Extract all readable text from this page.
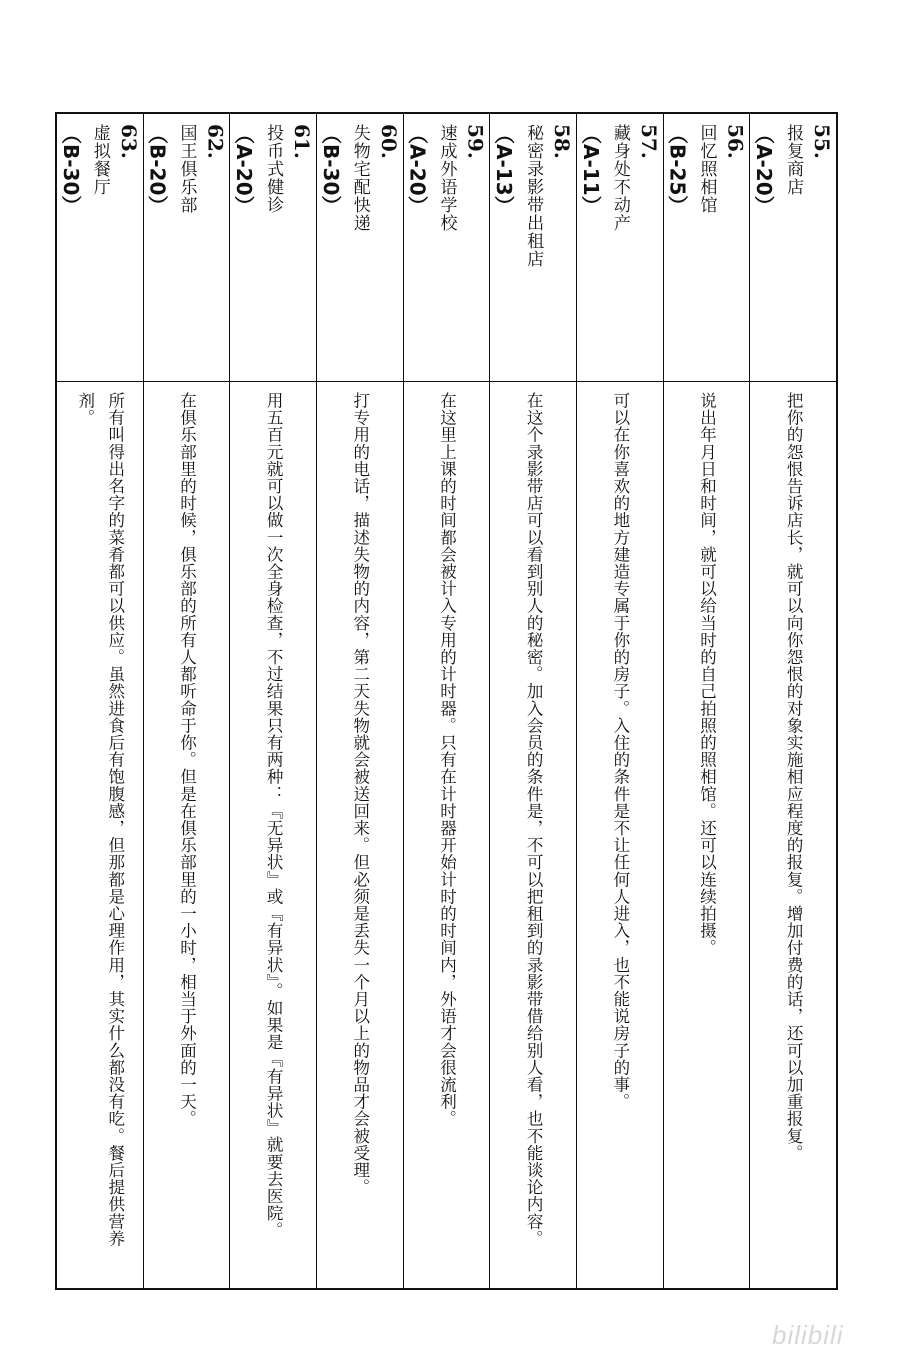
55.
报复商店
（A-20）
把你的怨恨告诉店长，就可以向你怨恨的对象实施相应程度的报复。增加付费的话，还可以加重报复。
56.
回忆照相馆
（B-25）
说出年月日和时间，就可以给当时的自己拍照的照相馆。还可以连续拍摄。
57.
藏身处不动产
（A-11）
可以在你喜欢的地方建造专属于你的房子。入住的条件是不让任何人进入，也不能说房子的事。
58.
秘密录影带出租店
（A-13）
在这个录影带店可以看到别人的秘密。加入会员的条件是，不可以把租到的录影带借给别人看，也不能谈论内容。
59.
速成外语学校
（A-20）
在这里上课的时间都会被计入专用的计时器。只有在计时器开始计时的时间内，外语才会很流利。
60.
失物宅配快递
（B-30）
打专用的电话，描述失物的内容，第二天失物就会被送回来。但必须是丢失一个月以上的物品才会被受理。
61.
投币式健诊
（A-20）
用五百元就可以做一次全身检查，不过结果只有两种：『无异状』或『有异状』。如果是『有异状』就要去医院。
62.
国王俱乐部
（B-20）
在俱乐部里的时候，俱乐部的所有人都听命于你。但是在俱乐部里的一小时，相当于外面的一天。
63.
虚拟餐厅
（B-30）
所有叫得出名字的菜肴都可以供应。虽然进食后有饱腹感，但那都是心理作用，其实什么都没有吃。餐后提供营养剂。
bilibili
